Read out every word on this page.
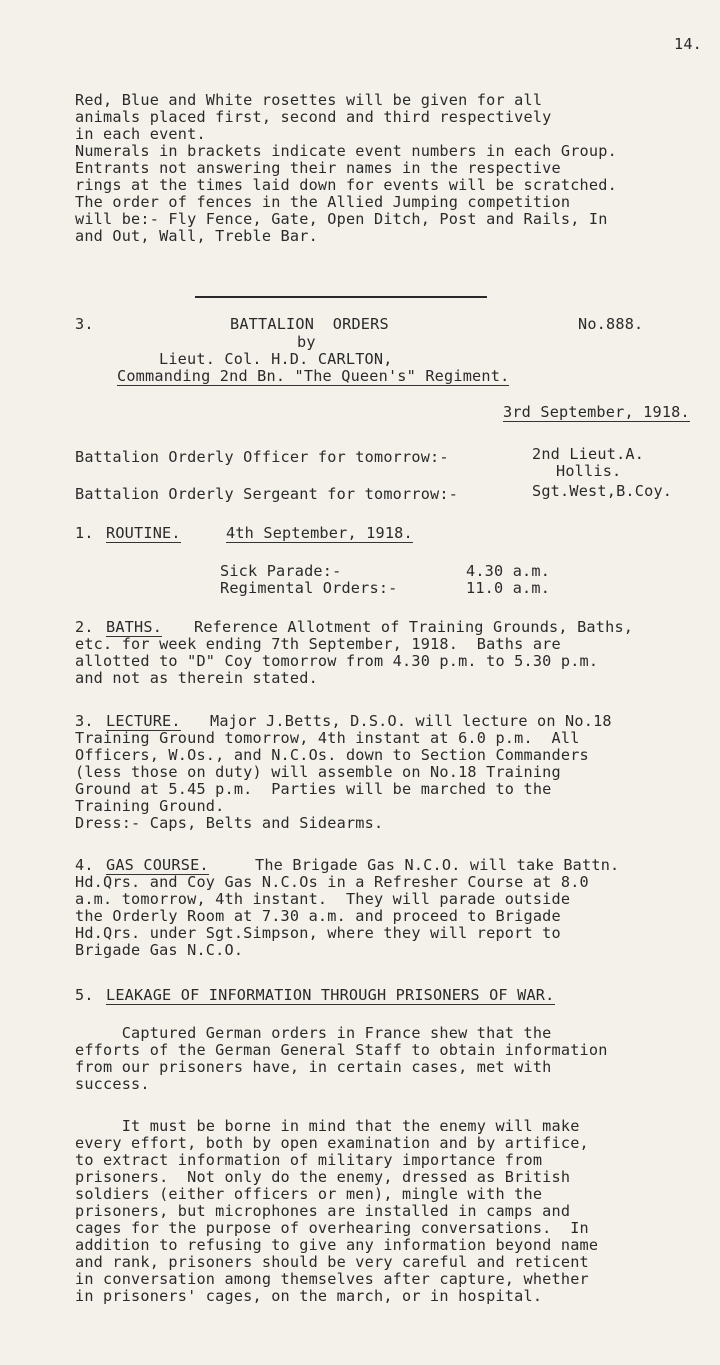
14.
Red, Blue and White rosettes will be given for all
animals placed first, second and third respectively
in each event.
Numerals in brackets indicate event numbers in each Group.
Entrants not answering their names in the respective
rings at the times laid down for events will be scratched.
The order of fences in the Allied Jumping competition
will be:- Fly Fence, Gate, Open Ditch, Post and Rails, In
and Out, Wall, Treble Bar.
3.	BATTALION  ORDERS	No.888.
by
Lieut. Col. H.D. CARLTON,
Commanding 2nd Bn. "The Queen's" Regiment.
3rd September, 1918.
Battalion Orderly Officer for tomorrow:-	2nd Lieut.A.
Hollis.
Battalion Orderly Sergeant for tomorrow:-	Sgt.West,B.Coy.
1. ROUTINE.	4th September, 1918.
Sick Parade:-	4.30 a.m.
Regimental Orders:-	11.0 a.m.
2. BATHS. Reference Allotment of Training Grounds, Baths,
etc. for week ending 7th September, 1918.  Baths are
allotted to "D" Coy tomorrow from 4.30 p.m. to 5.30 p.m.
and not as therein stated.
3. LECTURE. Major J.Betts, D.S.O. will lecture on No.18
Training Ground tomorrow, 4th instant at 6.0 p.m.  All
Officers, W.Os., and N.C.Os. down to Section Commanders
(less those on duty) will assemble on No.18 Training
Ground at 5.45 p.m.  Parties will be marched to the
Training Ground.
Dress:- Caps, Belts and Sidearms.
4. GAS COURSE.	The Brigade Gas N.C.O. will take Battn.
Hd.Qrs. and Coy Gas N.C.Os in a Refresher Course at 8.0
a.m. tomorrow, 4th instant.  They will parade outside
the Orderly Room at 7.30 a.m. and proceed to Brigade
Hd.Qrs. under Sgt.Simpson, where they will report to
Brigade Gas N.C.O.
5. LEAKAGE OF INFORMATION THROUGH PRISONERS OF WAR.
Captured German orders in France shew that the
efforts of the German General Staff to obtain information
from our prisoners have, in certain cases, met with
success.
It must be borne in mind that the enemy will make
every effort, both by open examination and by artifice,
to extract information of military importance from
prisoners.  Not only do the enemy, dressed as British
soldiers (either officers or men), mingle with the
prisoners, but microphones are installed in camps and
cages for the purpose of overhearing conversations.  In
addition to refusing to give any information beyond name
and rank, prisoners should be very careful and reticent
in conversation among themselves after capture, whether
in prisoners' cages, on the march, or in hospital.
